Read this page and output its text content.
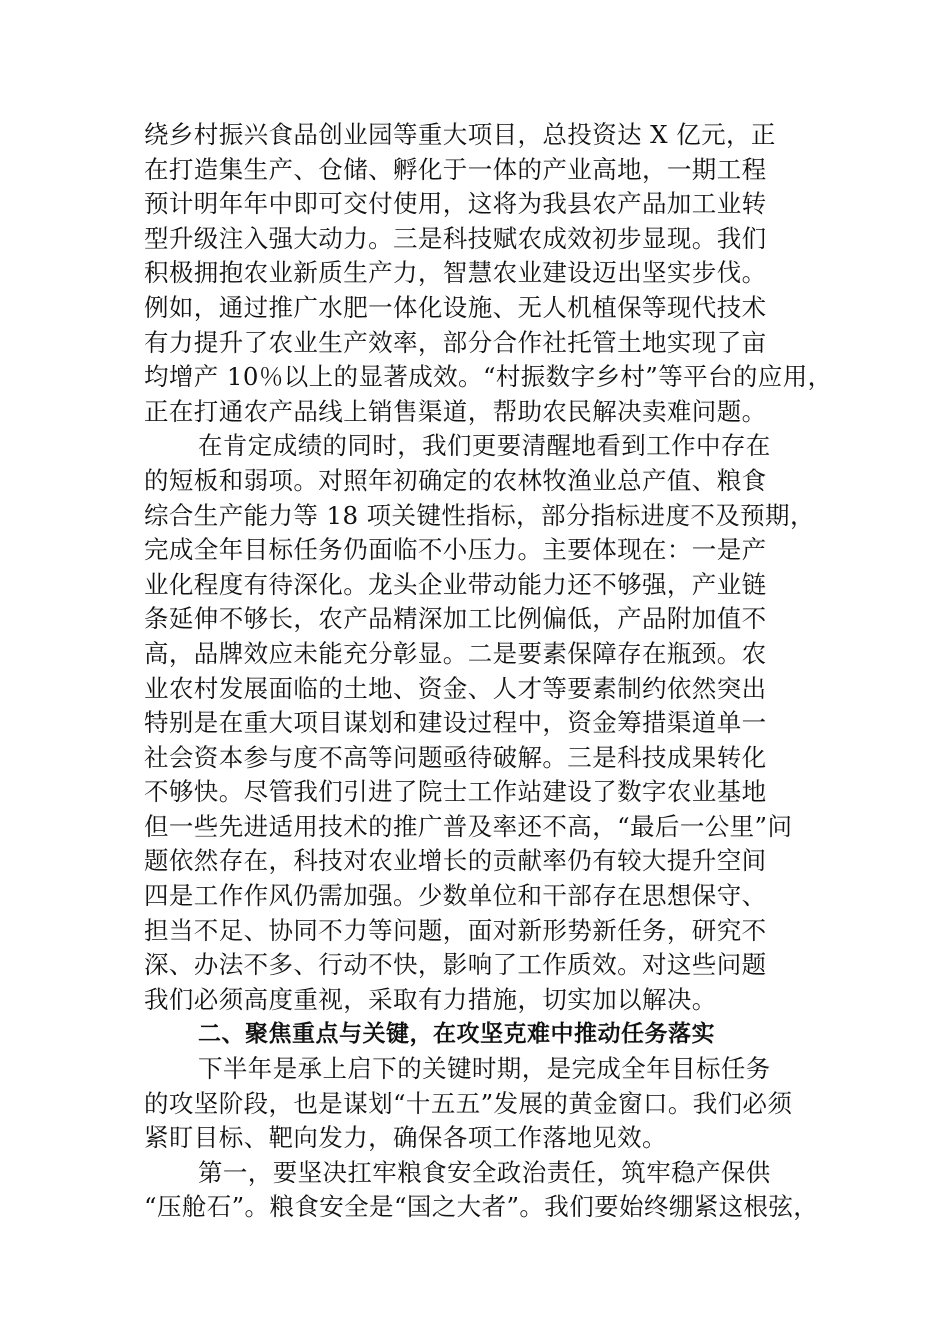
绕乡村振兴食品创业园等重大项目，总投资达 X 亿元，正
在打造集生产、仓储、孵化于一体的产业高地，一期工程
预计明年年中即可交付使用，这将为我县农产品加工业转
型升级注入强大动力。三是科技赋农成效初步显现。我们
积极拥抱农业新质生产力，智慧农业建设迈出坚实步伐。
例如，通过推广水肥一体化设施、无人机植保等现代技术
有力提升了农业生产效率，部分合作社托管土地实现了亩
均增产 10％以上的显著成效。“村振数字乡村”等平台的应用，
正在打通农产品线上销售渠道，帮助农民解决卖难问题。
在肯定成绩的同时，我们更要清醒地看到工作中存在
的短板和弱项。对照年初确定的农林牧渔业总产值、粮食
综合生产能力等 18 项关键性指标，部分指标进度不及预期，
完成全年目标任务仍面临不小压力。主要体现在：一是产
业化程度有待深化。龙头企业带动能力还不够强，产业链
条延伸不够长，农产品精深加工比例偏低，产品附加值不
高，品牌效应未能充分彰显。二是要素保障存在瓶颈。农
业农村发展面临的土地、资金、人才等要素制约依然突出
特别是在重大项目谋划和建设过程中，资金筹措渠道单一
社会资本参与度不高等问题亟待破解。三是科技成果转化
不够快。尽管我们引进了院士工作站建设了数字农业基地
但一些先进适用技术的推广普及率还不高，“最后一公里”问
题依然存在，科技对农业增长的贡献率仍有较大提升空间
四是工作作风仍需加强。少数单位和干部存在思想保守、
担当不足、协同不力等问题，面对新形势新任务，研究不
深、办法不多、行动不快，影响了工作质效。对这些问题
我们必须高度重视，采取有力措施，切实加以解决。
二、聚焦重点与关键，在攻坚克难中推动任务落实
下半年是承上启下的关键时期，是完成全年目标任务
的攻坚阶段，也是谋划“十五五”发展的黄金窗口。我们必须
紧盯目标、靶向发力，确保各项工作落地见效。
第一，要坚决扛牢粮食安全政治责任，筑牢稳产保供
“压舱石”。粮食安全是“国之大者”。我们要始终绷紧这根弦，
